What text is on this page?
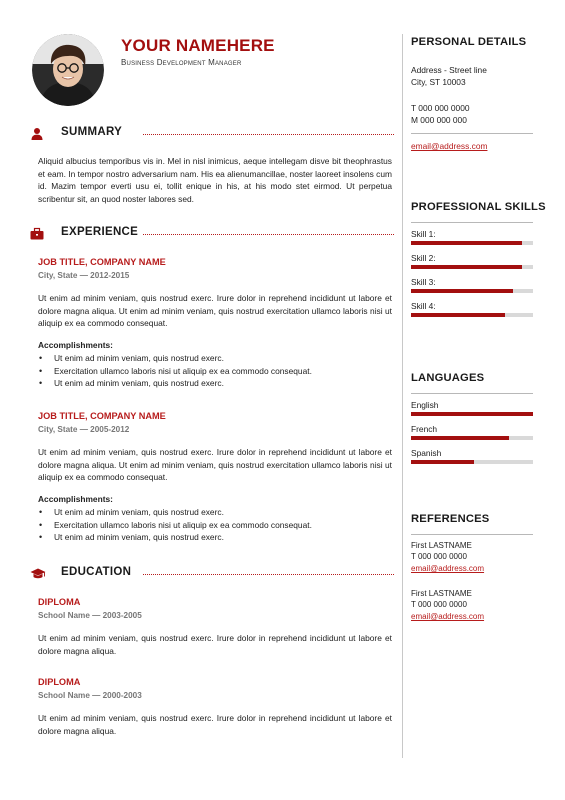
YOUR NAMEHERE
Business Development Manager
SUMMARY
Aliquid albucius temporibus vis in. Mel in nisl inimicus, aeque intellegam disve bit theophrastus et eam. In tempor nostro adversarium nam. His ea alienumancillae, noster laoreet insolens cum id. Mazim tempor everti usu ei, tollit enique in his, at his modo stet eirmod. Ut perpetua scribentur sit, an quod noster labores sed.
EXPERIENCE
JOB TITLE, COMPANY NAME
City, State — 2012-2015
Ut enim ad minim veniam, quis nostrud exerc. Irure dolor in reprehend incididunt ut labore et dolore magna aliqua. Ut enim ad minim veniam, quis nostrud exercitation ullamco laboris nisi ut aliquip ex ea commodo consequat.
Accomplishments:
• Ut enim ad minim veniam, quis nostrud exerc.
• Exercitation ullamco laboris nisi ut aliquip ex ea commodo consequat.
• Ut enim ad minim veniam, quis nostrud exerc.
JOB TITLE, COMPANY NAME
City, State — 2005-2012
Ut enim ad minim veniam, quis nostrud exerc. Irure dolor in reprehend incididunt ut labore et dolore magna aliqua. Ut enim ad minim veniam, quis nostrud exercitation ullamco laboris nisi ut aliquip ex ea commodo consequat.
Accomplishments:
• Ut enim ad minim veniam, quis nostrud exerc.
• Exercitation ullamco laboris nisi ut aliquip ex ea commodo consequat.
• Ut enim ad minim veniam, quis nostrud exerc.
EDUCATION
DIPLOMA
School Name — 2003-2005
Ut enim ad minim veniam, quis nostrud exerc. Irure dolor in reprehend incididunt ut labore et dolore magna aliqua.
DIPLOMA
School Name — 2000-2003
Ut enim ad minim veniam, quis nostrud exerc. Irure dolor in reprehend incididunt ut labore et dolore magna aliqua.
PERSONAL DETAILS
Address - Street line
City, ST 10003
T 000 000 0000
M 000 000 000
email@address.com
PROFESSIONAL SKILLS
LANGUAGES
REFERENCES
First LASTNAME
T 000 000 0000
email@address.com
First LASTNAME
T 000 000 0000
email@address.com
Skill 1:
Skill 2:
Skill 3:
Skill 4:
English
French
Spanish
